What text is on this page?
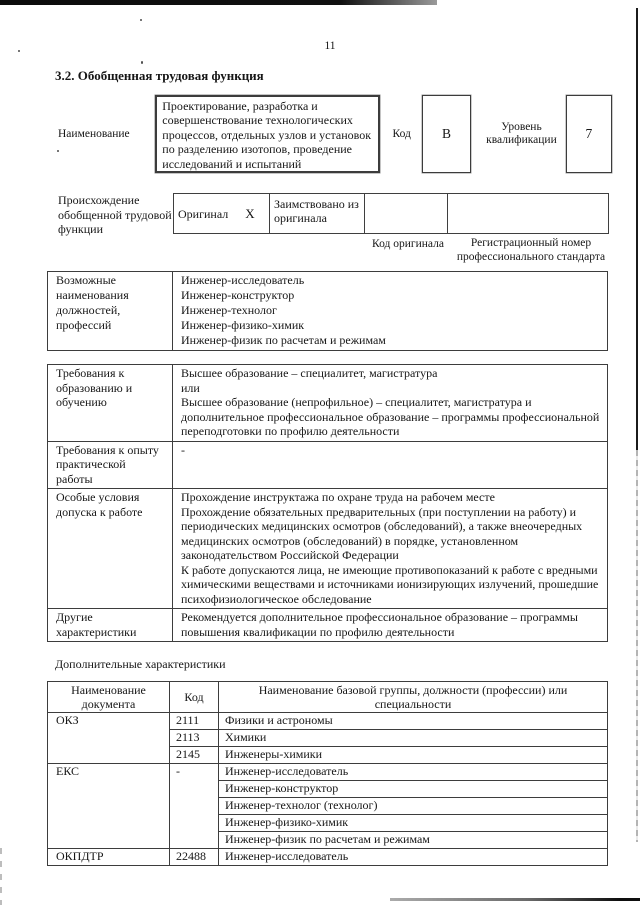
11
3.2. Обобщенная трудовая функция
Наименование
Проектирование, разработка и совершенствование технологических процессов, отдельных узлов и установок по разделению изотопов, проведение исследований и испытаний
Код	В	Уровень квалификации	7
Происхождение обобщенной трудовой функции
Оригинал X
Заимствовано из оригинала
Код оригинала	Регистрационный номер профессионального стандарта
Возможные наименования должностей, профессий	
Инженер-исследователь
Инженер-конструктор
Инженер-технолог
Инженер-физико-химик
Инженер-физик по расчетам и режимам
Требования к образованию и обучению	Высшее образование – специалитет, магистратура
или
Высшее образование (непрофильное) – специалитет, магистратура и дополнительное профессиональное образование – программы профессиональной переподготовки по профилю деятельности

Требования к опыту практической работы	-

Особые условия допуска к работе	Прохождение инструктажа по охране труда на рабочем месте
Прохождение обязательных предварительных (при поступлении на работу) и периодических медицинских осмотров (обследований), а также внеочередных медицинских осмотров (обследований) в порядке, установленном законодательством Российской Федерации
К работе допускаются лица, не имеющие противопоказаний к работе с вредными химическими веществами и источниками ионизирующих излучений, прошедшие психофизиологическое обследование

Другие характеристики	Рекомендуется дополнительное профессиональное образование – программы повышения квалификации по профилю деятельности
Дополнительные характеристики
Наименование документа	Код	Наименование базовой группы, должности (профессии) или специальности
ОКЗ	2111	Физики и астрономы
	2113	Химики
	2145	Инженеры-химики
ЕКС	-	Инженер-исследователь
		Инженер-конструктор
		Инженер-технолог (технолог)
		Инженер-физико-химик
		Инженер-физик по расчетам и режимам
ОКПДТР	22488	Инженер-исследователь
